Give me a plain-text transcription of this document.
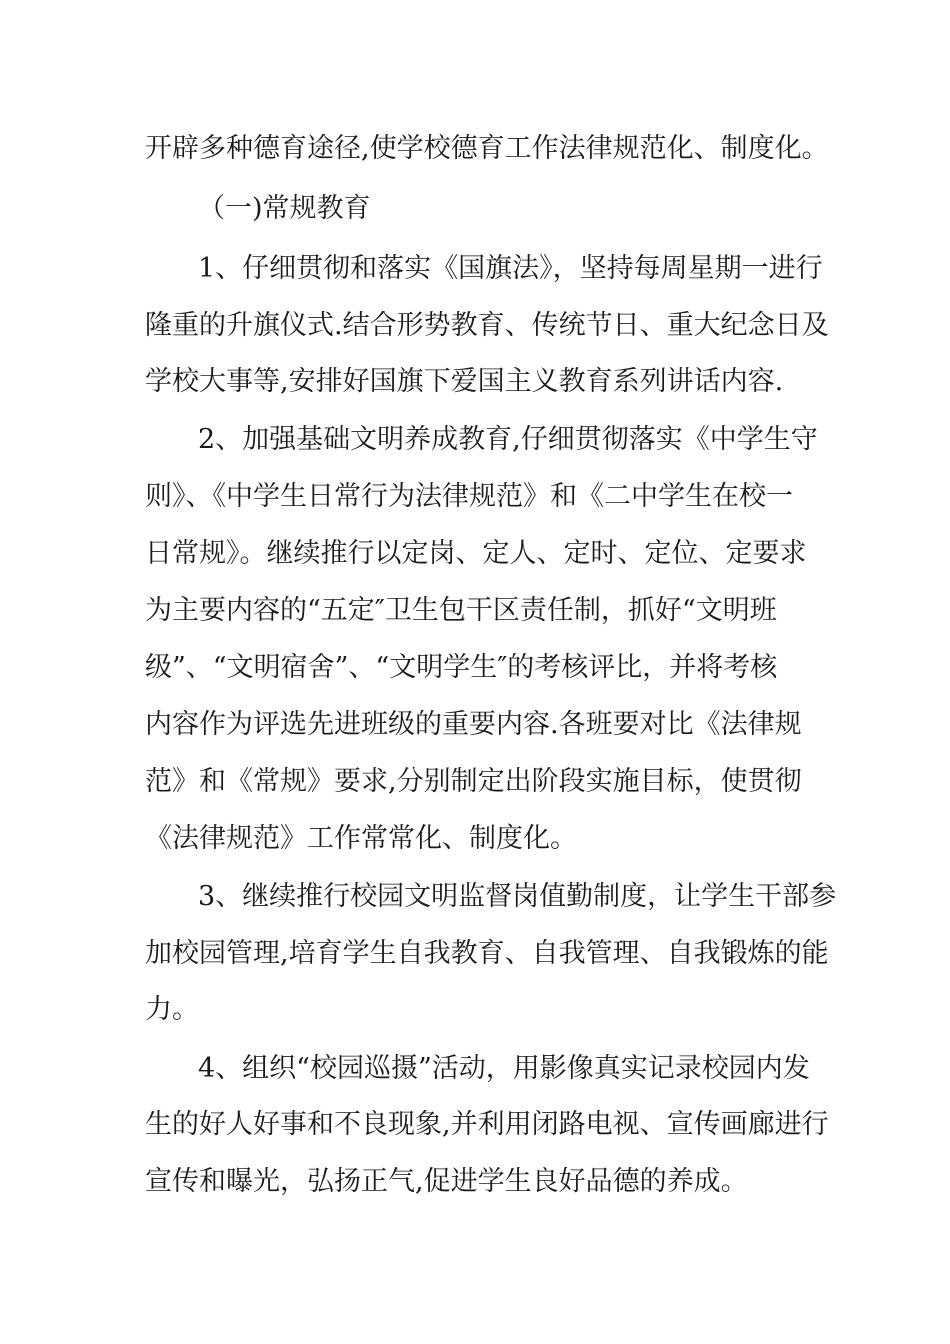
开辟多种德育途径,使学校德育工作法律规范化、制度化。
（一)常规教育
1、仔细贯彻和落实《国旗法》，坚持每周星期一进行
隆重的升旗仪式.结合形势教育、传统节日、重大纪念日及
学校大事等,安排好国旗下爱国主义教育系列讲话内容.
2、加强基础文明养成教育,仔细贯彻落实《中学生守
则》、《中学生日常行为法律规范》和《二中学生在校一
日常规》。继续推行以定岗、定人、定时、定位、定要求
为主要内容的“五定″卫生包干区责任制，抓好“文明班
级”、“文明宿舍”、“文明学生″的考核评比，并将考核
内容作为评选先进班级的重要内容.各班要对比《法律规
范》和《常规》要求,分别制定出阶段实施目标，使贯彻
《法律规范》工作常常化、制度化。
3、继续推行校园文明监督岗值勤制度，让学生干部参
加校园管理,培育学生自我教育、自我管理、自我锻炼的能
力。
4、组织“校园巡摄”活动，用影像真实记录校园内发
生的好人好事和不良现象,并利用闭路电视、宣传画廊进行
宣传和曝光，弘扬正气,促进学生良好品德的养成。
